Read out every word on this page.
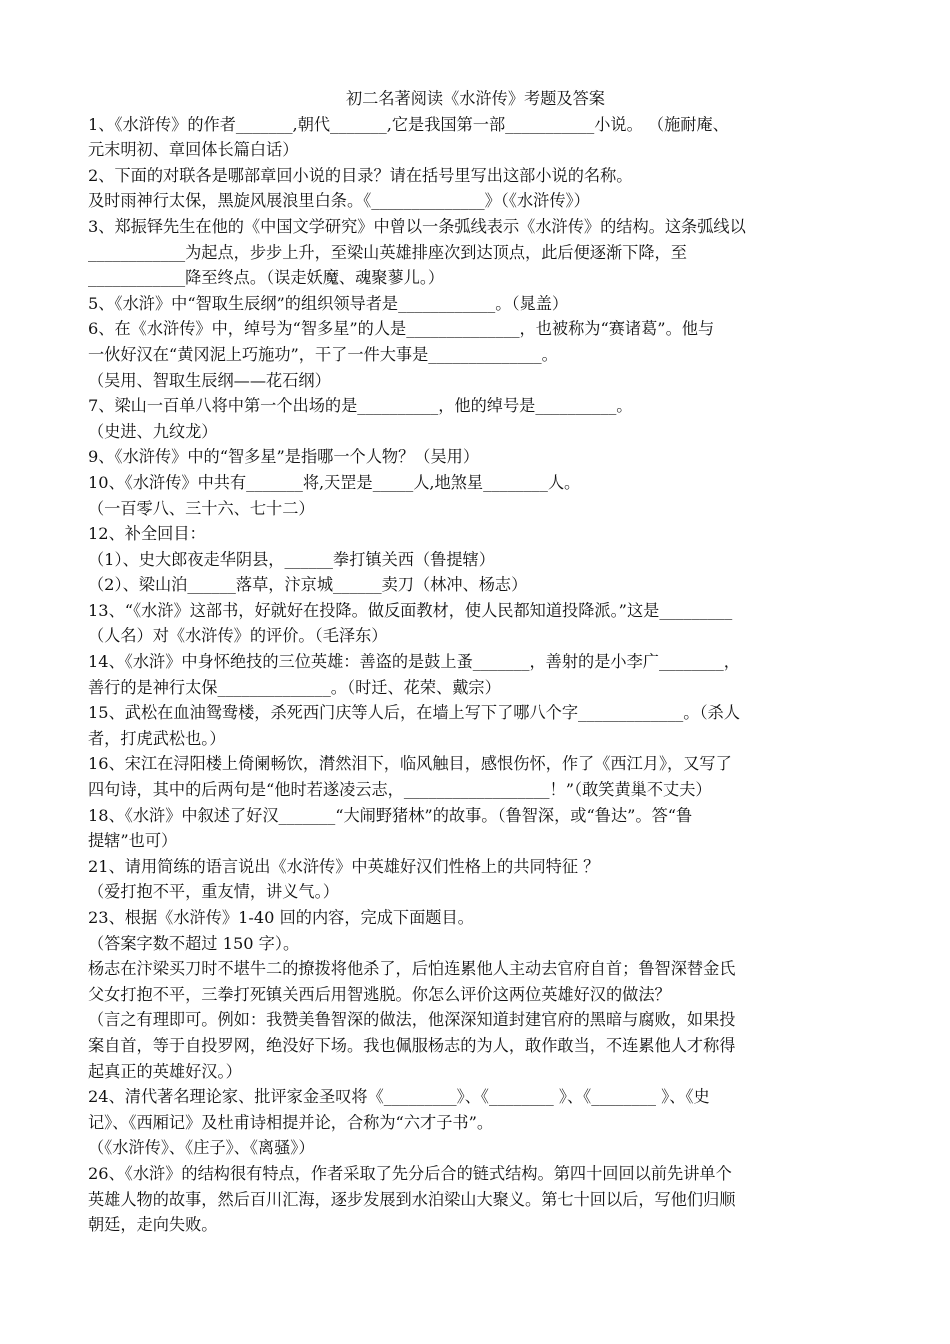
初二名著阅读《水浒传》考题及答案
1、《水浒传》的作者_______,朝代_______,它是我国第一部___________小说。 （施耐庵、
元末明初、章回体长篇白话）
2、下面的对联各是哪部章回小说的目录？请在括号里写出这部小说的名称。
及时雨神行太保，黑旋风展浪里白条。《______________》（《水浒传》）
3、郑振铎先生在他的《中国文学研究》中曾以一条弧线表示《水浒传》的结构。这条弧线以
____________为起点，步步上升，至梁山英雄排座次到达顶点，此后便逐渐下降，至
____________降至终点。（误走妖魔、魂聚蓼儿。）
5、《水浒》中“智取生辰纲”的组织领导者是____________。（晁盖）
6、在《水浒传》中，绰号为“智多星”的人是______________，也被称为“赛诸葛”。他与
一伙好汉在“黄冈泥上巧施功”，干了一件大事是______________。
（吴用、智取生辰纲——花石纲）
7、梁山一百单八将中第一个出场的是__________，他的绰号是__________。
（史进、九纹龙）
9、《水浒传》中的“智多星”是指哪一个人物？（吴用）
10、《水浒传》中共有_______将,天罡是_____人,地煞星________人。
（一百零八、三十六、七十二）
12、补全回目：
（1）、史大郎夜走华阴县，______拳打镇关西（鲁提辖）
（2）、梁山泊______落草，汴京城______卖刀（林冲、杨志）
13、“《水浒》这部书，好就好在投降。做反面教材，使人民都知道投降派。”这是_________
（人名）对《水浒传》的评价。（毛泽东）
14、《水浒》中身怀绝技的三位英雄：善盗的是鼓上蚤_______，善射的是小李广________，
善行的是神行太保______________。（时迁、花荣、戴宗）
15、武松在血油鸳鸯楼，杀死西门庆等人后，在墙上写下了哪八个字_____________。（杀人
者，打虎武松也。）
16、宋江在浔阳楼上倚阑畅饮，潸然泪下，临风触目，感恨伤怀，作了《西江月》，又写了
四句诗，其中的后两句是“他时若遂凌云志，__________________！”（敢笑黄巢不丈夫）
18、《水浒》中叙述了好汉_______“大闹野猪林”的故事。（鲁智深，或“鲁达”。答“鲁
提辖”也可）
21、请用简练的语言说出《水浒传》中英雄好汉们性格上的共同特征 ？
（爱打抱不平，重友情，讲义气。）
23、根据《水浒传》1-40 回的内容，完成下面题目。
（答案字数不超过 150 字）。
杨志在汴梁买刀时不堪牛二的撩拨将他杀了，后怕连累他人主动去官府自首；鲁智深替金氏
父女打抱不平，三拳打死镇关西后用智逃脱。你怎么评价这两位英雄好汉的做法？
（言之有理即可。例如：我赞美鲁智深的做法，他深深知道封建官府的黑暗与腐败，如果投
案自首，等于自投罗网，绝没好下场。我也佩服杨志的为人，敢作敢当，不连累他人才称得
起真正的英雄好汉。）
24、清代著名理论家、批评家金圣叹将《_________》、《________ 》、《________ 》、《史
记》、《西厢记》及杜甫诗相提并论，合称为“六才子书”。
（《水浒传》、《庄子》、《离骚》）
26、《水浒》的结构很有特点，作者采取了先分后合的链式结构。第四十回回以前先讲单个
英雄人物的故事，然后百川汇海，逐步发展到水泊梁山大聚义。第七十回以后，写他们归顺
朝廷，走向失败。
